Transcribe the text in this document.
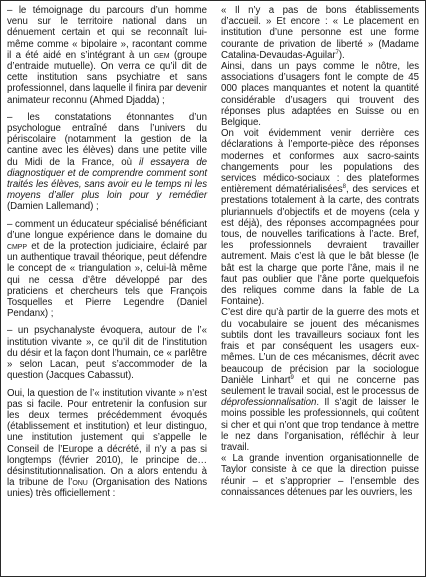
– le témoignage du parcours d’un homme venu sur le territoire national dans un dénuement certain et qui se reconnaît lui-même comme « bipolaire », racontant comme il a été aidé en s’intégrant à un gem (groupe d’entraide mutuelle). On verra ce qu’il dit de cette institution sans psychiatre et sans professionnel, dans laquelle il finira par devenir animateur reconnu (Ahmed Djadda) ;

– les constatations étonnantes d’un psychologue entraîné dans l’univers du périscolaire (notamment la gestion de la cantine avec les élèves) dans une petite ville du Midi de la France, où il essayera de diagnostiquer et de comprendre comment sont traités les élèves, sans avoir eu le temps ni les moyens d’aller plus loin pour y remédier (Damien Lallemand) ;

– comment un éducateur spécialisé bénéficiant d’une longue expérience dans le domaine du cmpp et de la protection judiciaire, éclairé par un authentique travail théorique, peut défendre le concept de « triangulation », celui-là même qui ne cessa d’être développé par des praticiens et chercheurs tels que François Tosquelles et Pierre Legendre (Daniel Pendanx) ;

– un psychanalyste évoquera, autour de l’« institution vivante », ce qu’il dit de l’institution du désir et la façon dont l’humain, ce « parlêtre » selon Lacan, peut s’accommoder de la question (Jacques Cabassut).

Oui, la question de l’« institution vivante » n’est pas si facile. Pour entretenir la confusion sur les deux termes précédemment évoqués (établissement et institution) et leur distinguo, une institution justement qui s’appelle le Conseil de l’Europe a décrété, il n’y a pas si longtemps (février 2010), le principe de… désinstitutionnalisation. On a alors entendu à la tribune de l’onu (Organisation des Nations unies) très officiellement :

« Il n’y a pas de bons établissements d’accueil. » Et encore : « Le placement en institution d’une personne est une forme courante de privation de liberté » (Madame Catalina-Devaudas-Aguilar$^7$).

Ainsi, dans un pays comme le nôtre, les associations d’usagers font le compte de 45 000 places manquantes et notent la quantité considérable d’usagers qui trouvent des réponses plus adaptées en Suisse ou en Belgique.

On voit évidemment venir derrière ces déclarations à l’emporte-pièce des réponses modernes et conformes aux sacro-saints changements pour les populations des services médico-sociaux : des plateformes entièrement dématérialisées$^8$, des services et prestations totalement à la carte, des contrats pluriannuels d’objectifs et de moyens (cela y est déjà), des réponses accompagnées pour tous, de nouvelles tarifications à l’acte. Bref, les professionnels devraient travailler autrement. Mais c’est là que le bât blesse (le bât est la charge que porte l’âne, mais il ne faut pas oublier que l’âne porte quelquefois des reliques comme dans la fable de La Fontaine).

C’est dire qu’à partir de la guerre des mots et du vocabulaire se jouent des mécanismes subtils dont les travailleurs sociaux font les frais et par conséquent les usagers eux-mêmes. L’un de ces mécanismes, décrit avec beaucoup de précision par la sociologue Danièle Linhart$^9$ et qui ne concerne pas seulement le travail social, est le processus de déprofessionnalisation. Il s’agit de laisser le moins possible les professionnels, qui coûtent si cher et qui n’ont que trop tendance à mettre le nez dans l’organisation, réfléchir à leur travail.

« La grande invention organisationnelle de Taylor consiste à ce que la direction puisse réunir – et s’approprier – l’ensemble des connaissances détenues par les ouvriers, les
